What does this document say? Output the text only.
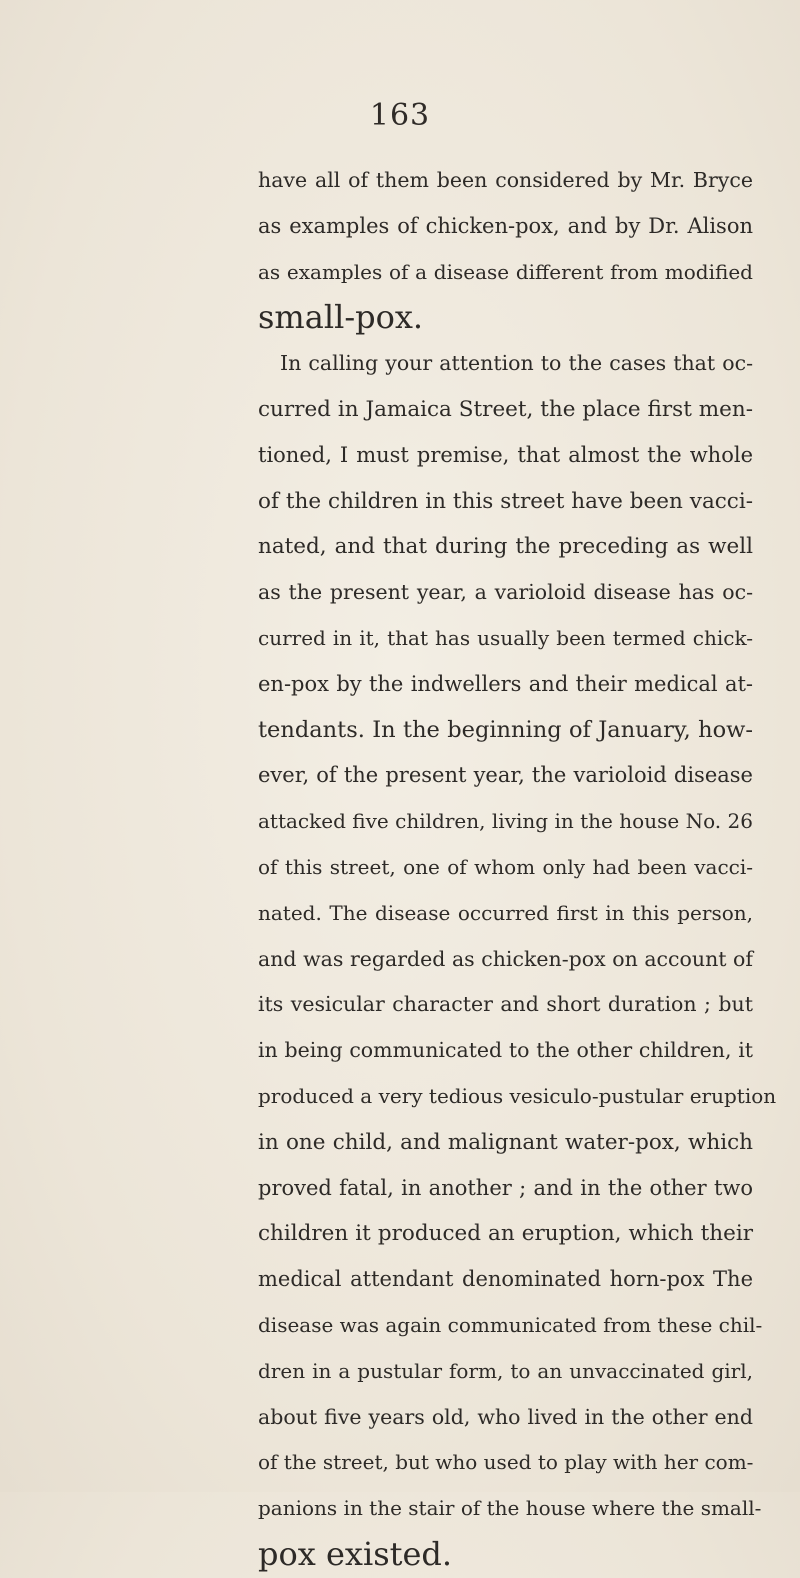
163
have all of them been considered by Mr. Bryce
as examples of chicken-pox, and by Dr. Alison
as examples of a disease different from modified
small-pox.
In calling your attention to the cases that oc-
curred in Jamaica Street, the place first men-
tioned, I must premise, that almost the whole
of the children in this street have been vacci-
nated, and that during the preceding as well
as the present year, a varioloid disease has oc-
curred in it, that has usually been termed chick-
en-pox by the indwellers and their medical at-
tendants. In the beginning of January, how-
ever, of the present year, the varioloid disease
attacked five children, living in the house No. 26
of this street, one of whom only had been vacci-
nated. The disease occurred first in this person,
and was regarded as chicken-pox on account of
its vesicular character and short duration ; but
in being communicated to the other children, it
produced a very tedious vesiculo-pustular eruption
in one child, and malignant water-pox, which
proved fatal, in another ; and in the other two
children it produced an eruption, which their
medical attendant denominated horn-pox The
disease was again communicated from these chil-
dren in a pustular form, to an unvaccinated girl,
about five years old, who lived in the other end
of the street, but who used to play with her com-
panions in the stair of the house where the small-
pox existed.
